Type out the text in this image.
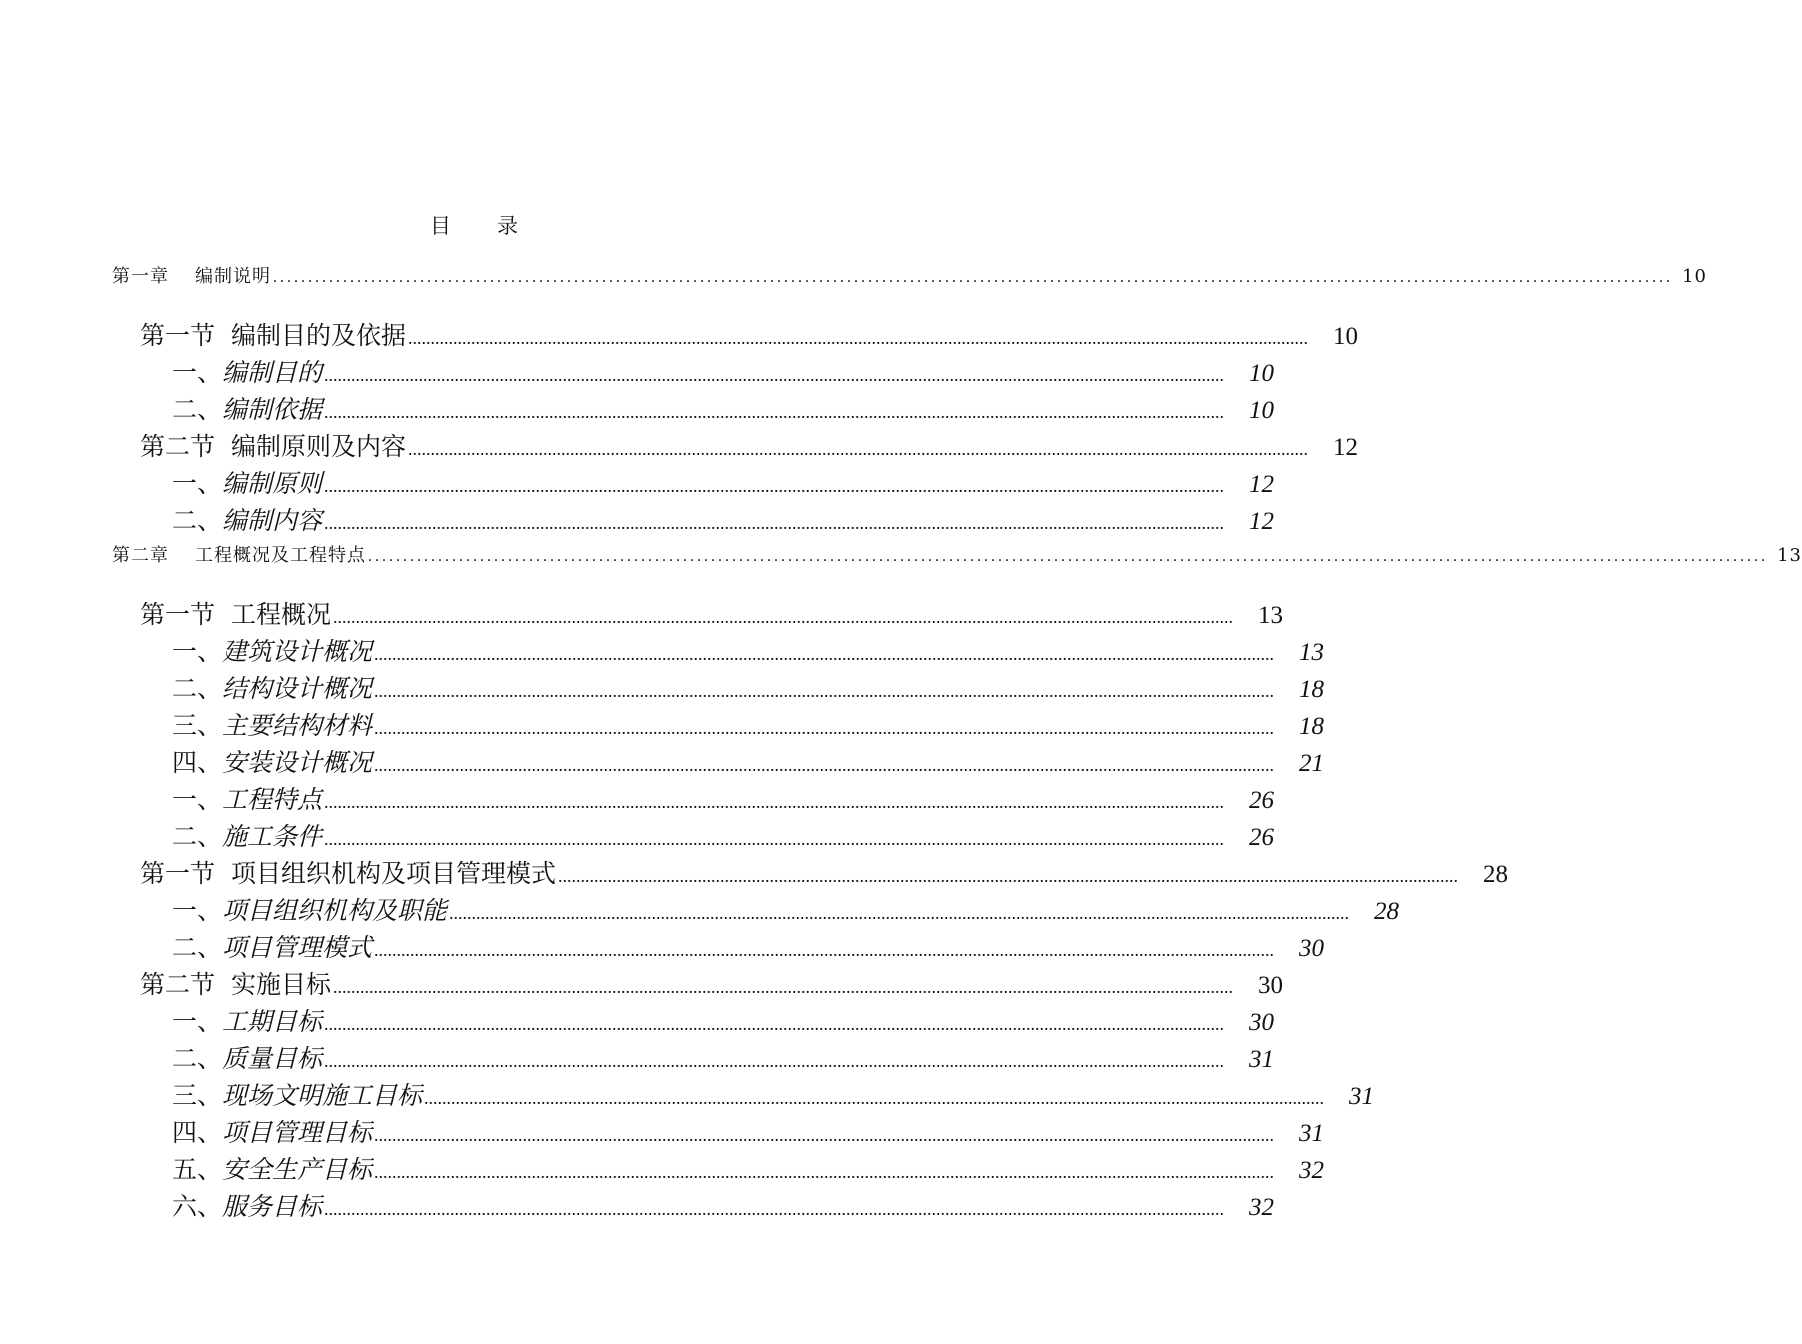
目 录
第一章 编制说明 ........................................................................................................................................................................................................ 10
第一节 编制目的及依据 ........................................................................................................................................................................................................	10
一、编制目的 ........................................................................................................................................................................................................	10
二、编制依据 ........................................................................................................................................................................................................	10
第二节 编制原则及内容 ........................................................................................................................................................................................................	12
一、编制原则 ........................................................................................................................................................................................................	12
二、编制内容 ........................................................................................................................................................................................................	12
第二章 工程概况及工程特点 ........................................................................................................................................................................................................ 13
第一节 工程概况 ........................................................................................................................................................................................................	13
一、建筑设计概况 ........................................................................................................................................................................................................	13
二、结构设计概况 ........................................................................................................................................................................................................	18
三、主要结构材料 ........................................................................................................................................................................................................	18
四、安装设计概况 ........................................................................................................................................................................................................	21
一、工程特点 ........................................................................................................................................................................................................	26
二、施工条件 ........................................................................................................................................................................................................	26
第一节 项目组织机构及项目管理模式 ........................................................................................................................................................................................................	28
一、项目组织机构及职能 ........................................................................................................................................................................................................	28
二、项目管理模式 ........................................................................................................................................................................................................	30
第二节 实施目标 ........................................................................................................................................................................................................	30
一、工期目标 ........................................................................................................................................................................................................	30
二、质量目标 ........................................................................................................................................................................................................	31
三、现场文明施工目标 ........................................................................................................................................................................................................	31
四、项目管理目标 ........................................................................................................................................................................................................	31
五、安全生产目标 ........................................................................................................................................................................................................	32
六、服务目标 ........................................................................................................................................................................................................	32
